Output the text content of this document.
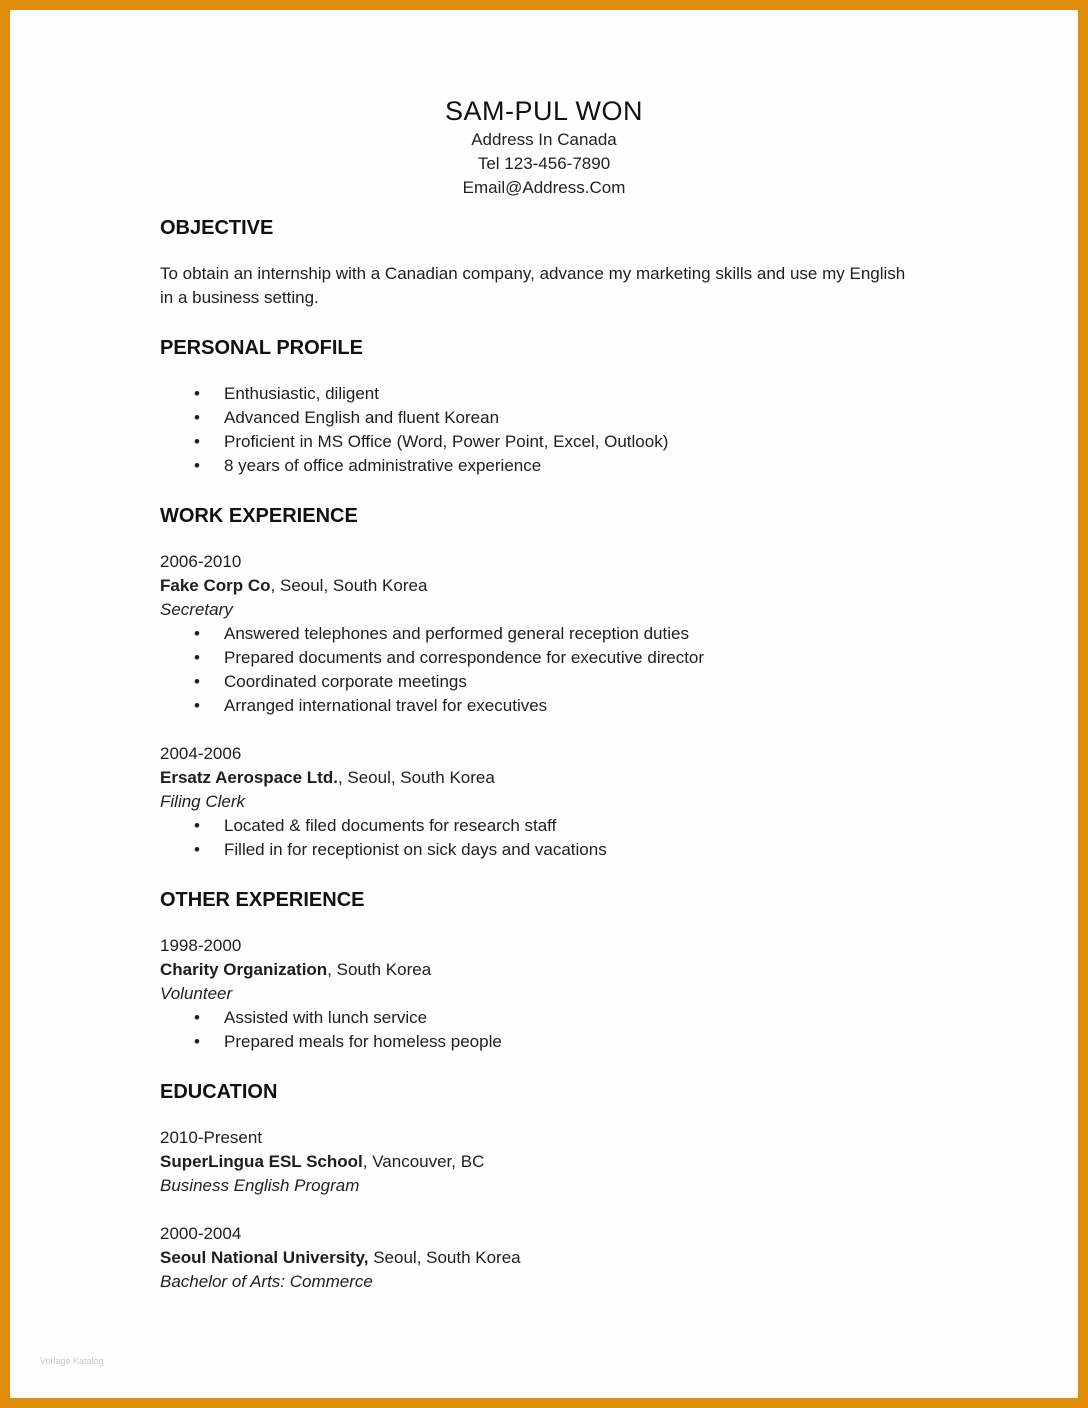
SAM-PUL WON
Address In Canada
Tel 123-456-7890
Email@Address.Com
OBJECTIVE

To obtain an internship with a Canadian company, advance my marketing skills and use my English in a business setting.

PERSONAL PROFILE
• Enthusiastic, diligent
• Advanced English and fluent Korean
• Proficient in MS Office (Word, Power Point, Excel, Outlook)
• 8 years of office administrative experience
WORK EXPERIENCE
2006-2010
Fake Corp Co, Seoul, South Korea
Secretary
• Answered telephones and performed general reception duties
• Prepared documents and correspondence for executive director
• Coordinated corporate meetings
• Arranged international travel for executives
2004-2006
Ersatz Aerospace Ltd., Seoul, South Korea
Filing Clerk
• Located & filed documents for research staff
• Filled in for receptionist on sick days and vacations
OTHER EXPERIENCE
1998-2000
Charity Organization, South Korea
Volunteer
• Assisted with lunch service
• Prepared meals for homeless people
EDUCATION
2010-Present
SuperLingua ESL School, Vancouver, BC
Business English Program
2000-2004
Seoul National University, Seoul, South Korea
Bachelor of Arts: Commerce
Vorlage Katalog
